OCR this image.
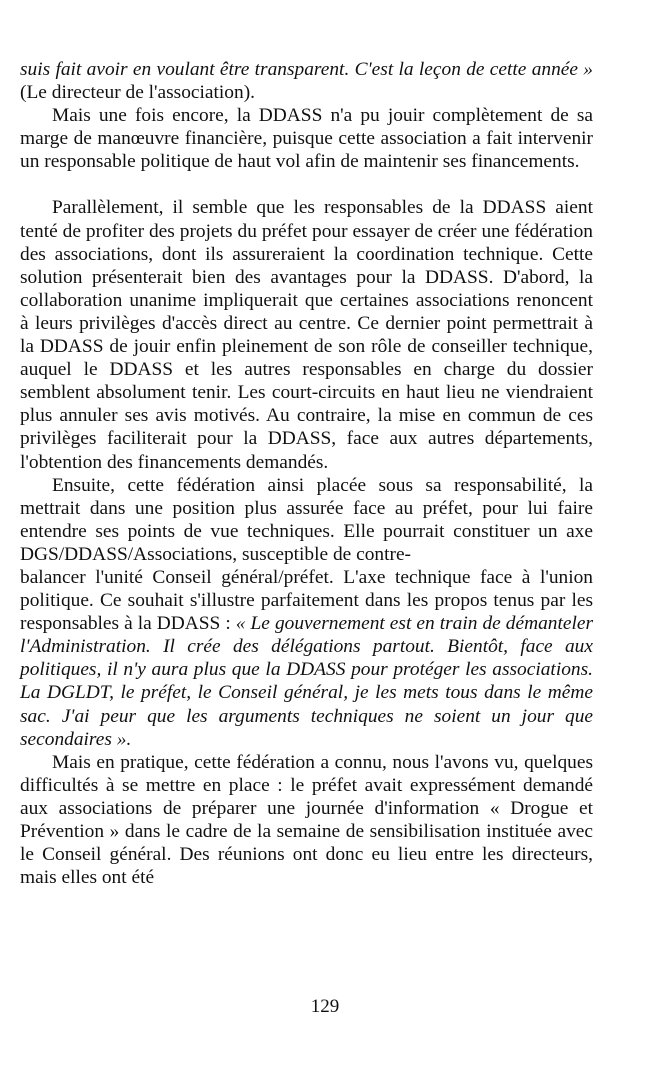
suis fait avoir en voulant être transparent. C'est la leçon de cette année » (Le directeur de l'association).

Mais une fois encore, la DDASS n'a pu jouir complètement de sa marge de manœuvre financière, puisque cette association a fait intervenir un responsable politique de haut vol afin de maintenir ses financements.

Parallèlement, il semble que les responsables de la DDASS aient tenté de profiter des projets du préfet pour essayer de créer une fédération des associations, dont ils assureraient la coordination technique. Cette solution présenterait bien des avantages pour la DDASS. D'abord, la collaboration unanime impliquerait que certaines associations renoncent à leurs privilèges d'accès direct au centre. Ce dernier point permettrait à la DDASS de jouir enfin pleinement de son rôle de conseiller technique, auquel le DDASS et les autres responsables en charge du dossier semblent absolument tenir. Les court-circuits en haut lieu ne viendraient plus annuler ses avis motivés. Au contraire, la mise en commun de ces privilèges faciliterait pour la DDASS, face aux autres départements, l'obtention des financements demandés.

Ensuite, cette fédération ainsi placée sous sa responsabilité, la mettrait dans une position plus assurée face au préfet, pour lui faire entendre ses points de vue techniques. Elle pourrait constituer un axe DGS/DDASS/Associations, susceptible de contre-

balancer l'unité Conseil général/préfet. L'axe technique face à l'union politique. Ce souhait s'illustre parfaitement dans les propos tenus par les responsables à la DDASS : « Le gouvernement est en train de démanteler l'Administration. Il crée des délégations partout. Bientôt, face aux politiques, il n'y aura plus que la DDASS pour protéger les associations. La DGLDT, le préfet, le Conseil général, je les mets tous dans le même sac. J'ai peur que les arguments techniques ne soient un jour que secondaires ».

Mais en pratique, cette fédération a connu, nous l'avons vu, quelques difficultés à se mettre en place : le préfet avait expressément demandé aux associations de préparer une journée d'information « Drogue et Prévention » dans le cadre de la semaine de sensibilisation instituée avec le Conseil général. Des réunions ont donc eu lieu entre les directeurs, mais elles ont été

129
